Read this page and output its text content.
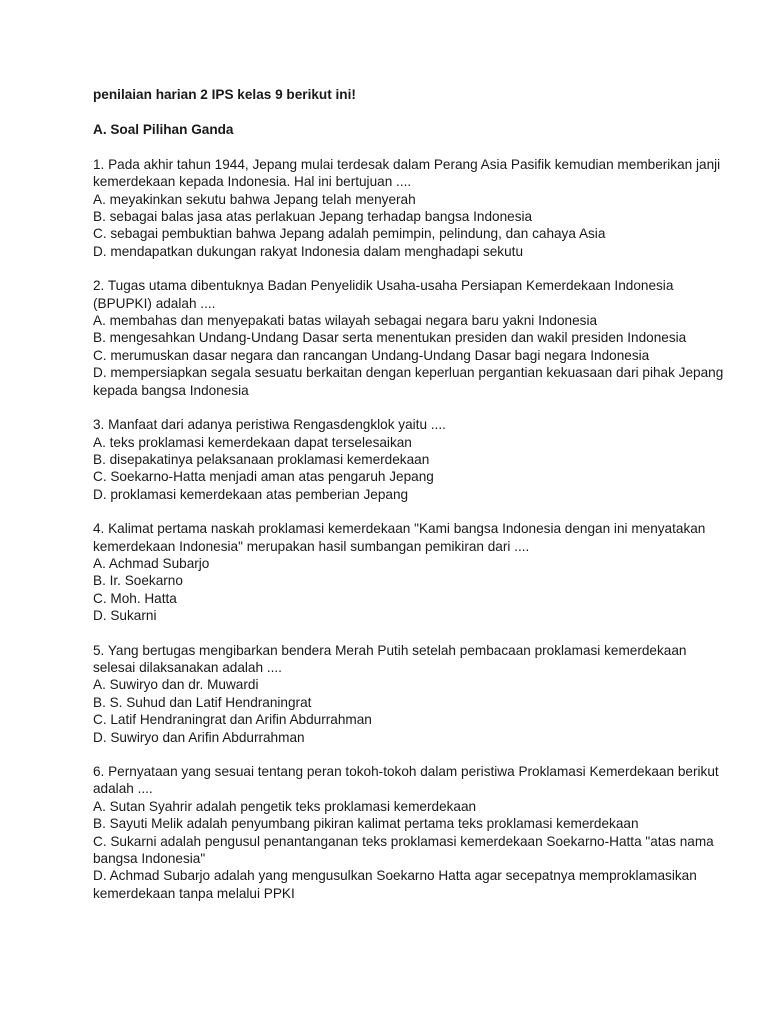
penilaian harian 2 IPS kelas 9 berikut ini!
A. Soal Pilihan Ganda
1. Pada akhir tahun 1944, Jepang mulai terdesak dalam Perang Asia Pasifik kemudian memberikan janji kemerdekaan kepada Indonesia. Hal ini bertujuan ....
A. meyakinkan sekutu bahwa Jepang telah menyerah
B. sebagai balas jasa atas perlakuan Jepang terhadap bangsa Indonesia
C. sebagai pembuktian bahwa Jepang adalah pemimpin, pelindung, dan cahaya Asia
D. mendapatkan dukungan rakyat Indonesia dalam menghadapi sekutu
2. Tugas utama dibentuknya Badan Penyelidik Usaha-usaha Persiapan Kemerdekaan Indonesia (BPUPKI) adalah ....
A. membahas dan menyepakati batas wilayah sebagai negara baru yakni Indonesia
B. mengesahkan Undang-Undang Dasar serta menentukan presiden dan wakil presiden Indonesia
C. merumuskan dasar negara dan rancangan Undang-Undang Dasar bagi negara Indonesia
D. mempersiapkan segala sesuatu berkaitan dengan keperluan pergantian kekuasaan dari pihak Jepang kepada bangsa Indonesia
3. Manfaat dari adanya peristiwa Rengasdengklok yaitu ....
A. teks proklamasi kemerdekaan dapat terselesaikan
B. disepakatinya pelaksanaan proklamasi kemerdekaan
C. Soekarno-Hatta menjadi aman atas pengaruh Jepang
D. proklamasi kemerdekaan atas pemberian Jepang
4. Kalimat pertama naskah proklamasi kemerdekaan "Kami bangsa Indonesia dengan ini menyatakan kemerdekaan Indonesia" merupakan hasil sumbangan pemikiran dari ....
A. Achmad Subarjo
B. Ir. Soekarno
C. Moh. Hatta
D. Sukarni
5. Yang bertugas mengibarkan bendera Merah Putih setelah pembacaan proklamasi kemerdekaan selesai dilaksanakan adalah ....
A. Suwiryo dan dr. Muwardi
B. S. Suhud dan Latif Hendraningrat
C. Latif Hendraningrat dan Arifin Abdurrahman
D. Suwiryo dan Arifin Abdurrahman
6. Pernyataan yang sesuai tentang peran tokoh-tokoh dalam peristiwa Proklamasi Kemerdekaan berikut adalah ....
A. Sutan Syahrir adalah pengetik teks proklamasi kemerdekaan
B. Sayuti Melik adalah penyumbang pikiran kalimat pertama teks proklamasi kemerdekaan
C. Sukarni adalah pengusul penantanganan teks proklamasi kemerdekaan Soekarno-Hatta "atas nama bangsa Indonesia"
D. Achmad Subarjo adalah yang mengusulkan Soekarno Hatta agar secepatnya memproklamasikan kemerdekaan tanpa melalui PPKI
